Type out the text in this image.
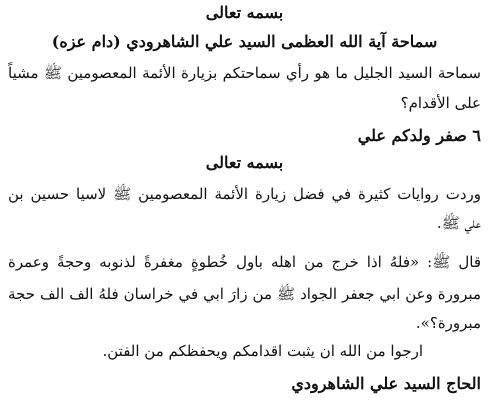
بسمه تعالى
سماحة آية الله العظمى السيد علي الشاهرودي (دام عزه)
سماحة السيد الجليل ما هو رأي سماحتكم بزيارة الأئمة المعصومين ﷺ مشياً
على الأقدام؟
٦ صفر ولدكم علي
بسمه تعالى
وردت روايات كثيرة في فضل زيارة الأئمة المعصومين ﷺ لاسيا حسين بن
علي ﷺ.
قال ﷺ: «فلهُ اذا خرج من اهله باول خُطوةٍ مغفرةً لذنوبه وحجةً وعمرة
مبرورة وعن ابي جعفر الجواد ﷺ من زارَ ابي في خراسان فلهُ الف الف حجة
مبرورة؟».
ارجوا من الله ان يثبت اقدامكم ويحفظكم من الفتن.
الحاج السيد علي الشاهرودي
